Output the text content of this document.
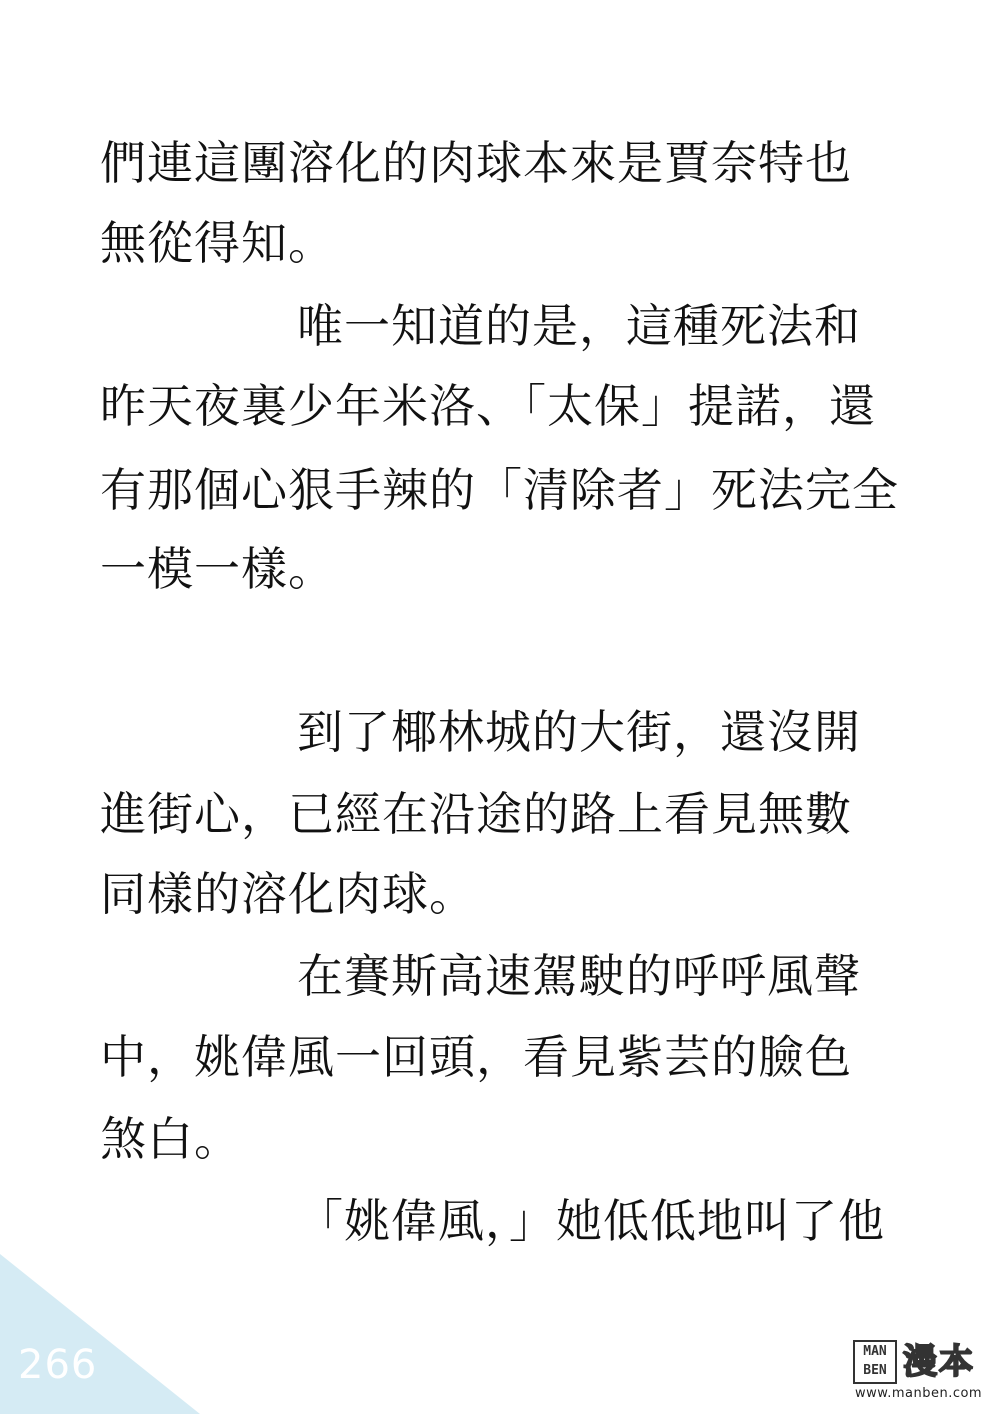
們連這團溶化的肉球本來是賈奈特也
無從得知。
唯一知道的是，這種死法和
昨天夜裏少年米洛、「太保」提諾，還
有那個心狠手辣的「清除者」死法完全
一模一樣。
到了椰林城的大街，還沒開
進街心，已經在沿途的路上看見無數
同樣的溶化肉球。
在賽斯高速駕駛的呼呼風聲
中，姚偉風一回頭，看見紫芸的臉色
煞白。
「姚偉風，」她低低地叫了他
266	MAN BEN 漫本
www.manben.com
